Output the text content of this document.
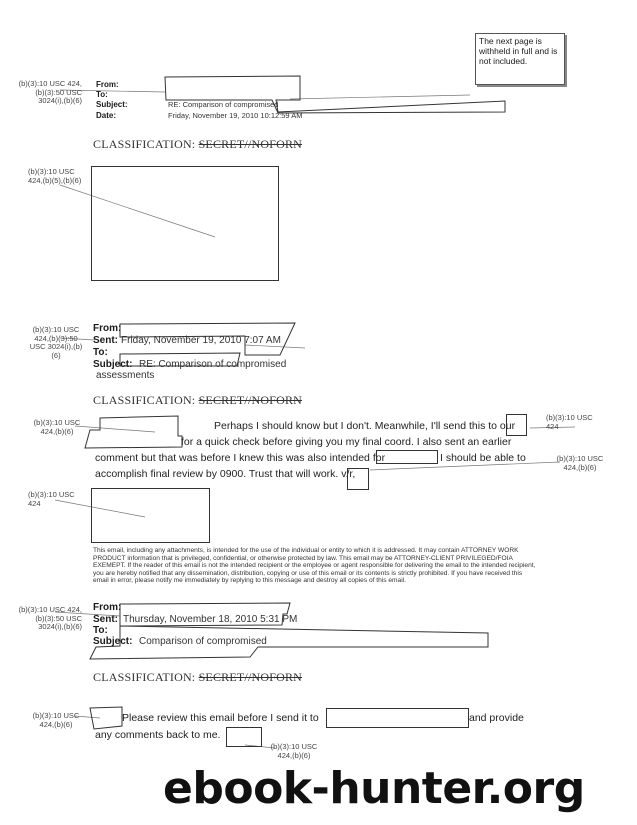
The next page is withheld in full and is not included.
(b)(3):10 USC 424, (b)(3):50 USC 3024(i),(b)(6)
From:
To:
Subject:	RE: Comparison of compromised
Date:	Friday, November 19, 2010 10:12:59 AM
CLASSIFICATION: SECRET//NOFORN
(b)(3):10 USC 424,(b)(5),(b)(6)
(b)(3):10 USC 424,(b)(3):50 USC 3024(i),(b)(6)
From:
Sent: Friday, November 19, 2010 7:07 AM
To:
Subject: RE: Comparison of compromised
assessments
CLASSIFICATION: SECRET//NOFORN
(b)(3):10 USC 424,(b)(6)
(b)(3):10 USC 424
(b)(3):10 USC 424,(b)(6)
Perhaps I should know but I don't. Meanwhile, I'll send this to our
for a quick check before giving you my final coord. I also sent an earlier
comment but that was before I knew this was also intended for	I should be able to
accomplish final review by 0900. Trust that will work. v/r,
(b)(3):10 USC 424
This email, including any attachments, is intended for the use of the individual or entity to which it is addressed. It may contain ATTORNEY WORK PRODUCT information that is privileged, confidential, or otherwise protected by law. This email may be ATTORNEY-CLIENT PRIVILEGED/FOIA EXEMEPT. If the reader of this email is not the intended recipient or the employee or agent responsible for delivering the email to the intended recipient, you are hereby notified that any dissemination, distribution, copying or use of this email or its contents is strictly prohibited. If you have received this email in error, please notify me immediately by replying to this message and destroy all copies of this email.
(b)(3):10 USC 424, (b)(3):50 USC 3024(i),(b)(6)
From:
Sent: Thursday, November 18, 2010 5:31 PM
To:
Subject: Comparison of compromised
CLASSIFICATION: SECRET//NOFORN
(b)(3):10 USC 424,(b)(6)	Please review this email before I send it to	and provide
any comments back to me.
(b)(3):10 USC 424,(b)(6)
ebook-hunter.org
